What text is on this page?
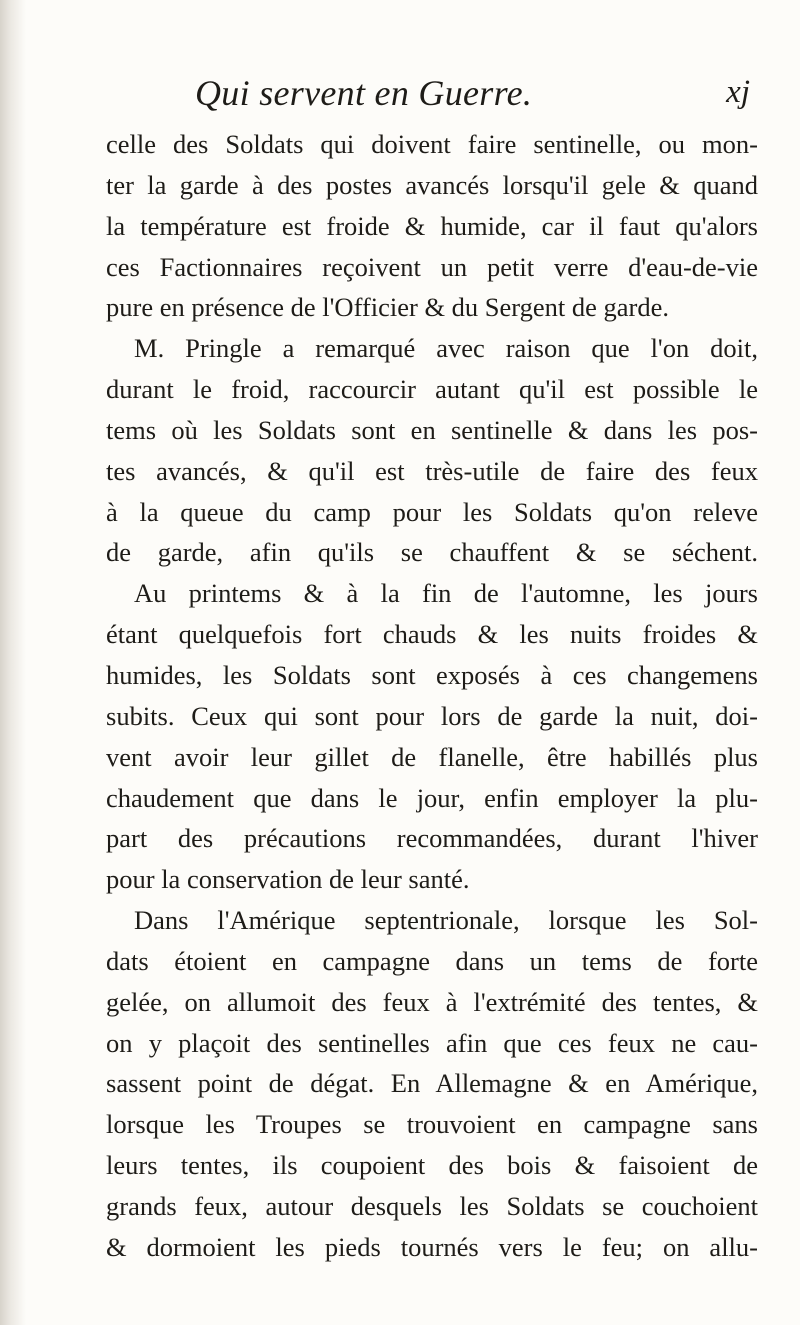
Qui servent en Guerre.	xj
celle des Soldats qui doivent faire sentinelle, ou mon-
ter la garde à des postes avancés lorsqu'il gele & quand
la température est froide & humide, car il faut qu'alors
ces Factionnaires reçoivent un petit verre d'eau-de-vie
pure en présence de l'Officier & du Sergent de garde.
M. Pringle a remarqué avec raison que l'on doit,
durant le froid, raccourcir autant qu'il est possible le
tems où les Soldats sont en sentinelle & dans les pos-
tes avancés, & qu'il est très-utile de faire des feux
à la queue du camp pour les Soldats qu'on releve
de garde, afin qu'ils se chauffent & se séchent.
Au printems & à la fin de l'automne, les jours
étant quelquefois fort chauds & les nuits froides &
humides, les Soldats sont exposés à ces changemens
subits. Ceux qui sont pour lors de garde la nuit, doi-
vent avoir leur gillet de flanelle, être habillés plus
chaudement que dans le jour, enfin employer la plu-
part des précautions recommandées, durant l'hiver
pour la conservation de leur santé.
Dans l'Amérique septentrionale, lorsque les Sol-
dats étoient en campagne dans un tems de forte
gelée, on allumoit des feux à l'extrémité des tentes, &
on y plaçoit des sentinelles afin que ces feux ne cau-
sassent point de dégat. En Allemagne & en Amérique,
lorsque les Troupes se trouvoient en campagne sans
leurs tentes, ils coupoient des bois & faisoient de
grands feux, autour desquels les Soldats se couchoient
& dormoient les pieds tournés vers le feu; on allu-
